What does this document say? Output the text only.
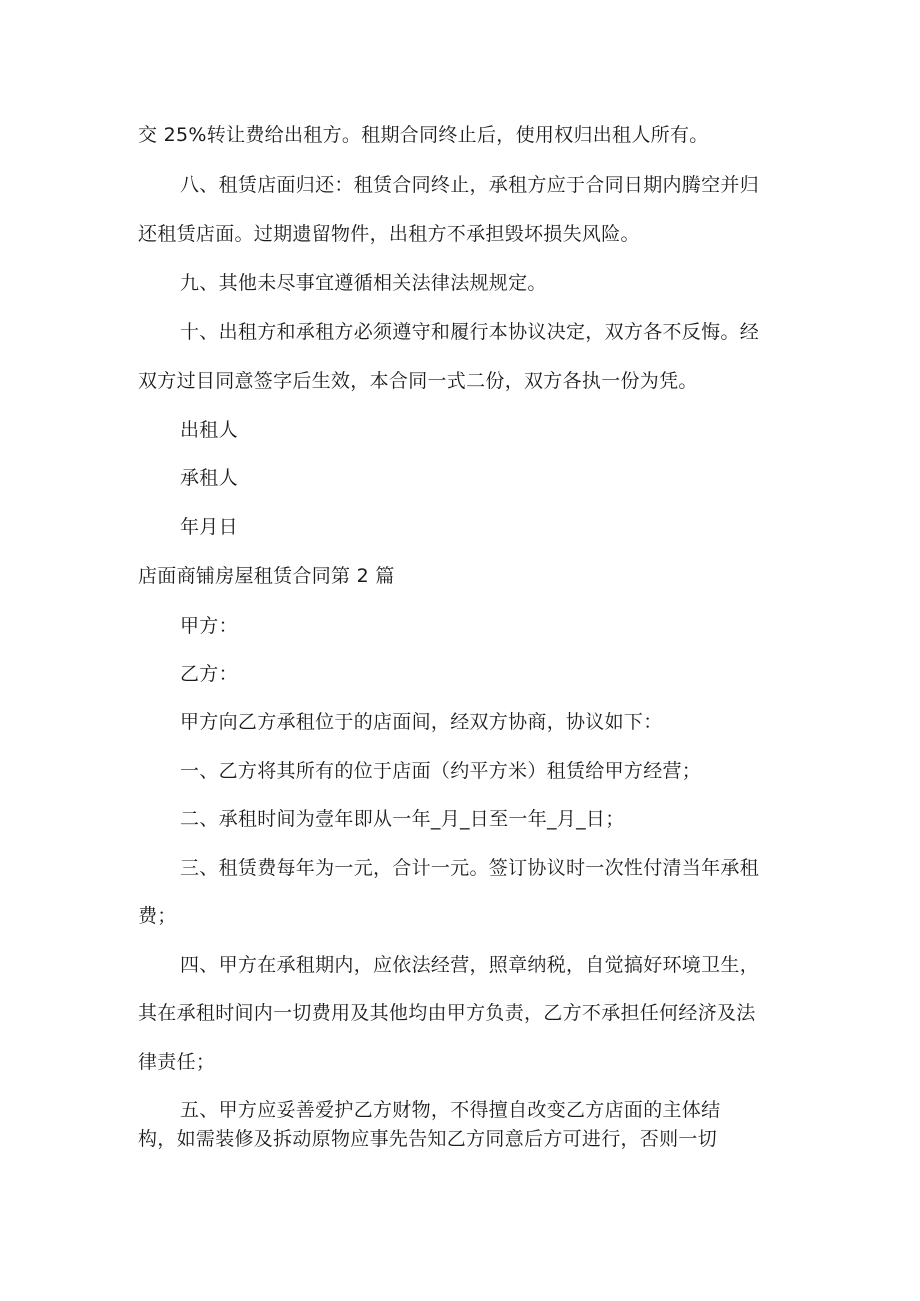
交 25%转让费给出租方。租期合同终止后，使用权归出租人所有。
八、租赁店面归还：租赁合同终止，承租方应于合同日期内腾空并归
还租赁店面。过期遗留物件，出租方不承担毁坏损失风险。
九、其他未尽事宜遵循相关法律法规规定。
十、出租方和承租方必须遵守和履行本协议决定，双方各不反悔。经
双方过目同意签字后生效，本合同一式二份，双方各执一份为凭。
出租人
承租人
年月日
店面商铺房屋租赁合同第 2 篇
甲方：
乙方：
甲方向乙方承租位于的店面间，经双方协商，协议如下：
一、乙方将其所有的位于店面（约平方米）租赁给甲方经营；
二、承租时间为壹年即从一年_月_日至一年_月_日；
三、租赁费每年为一元，合计一元。签订协议时一次性付清当年承租
费；
四、甲方在承租期内，应依法经营，照章纳税，自觉搞好环境卫生，
其在承租时间内一切费用及其他均由甲方负责，乙方不承担任何经济及法
律责任；
五、甲方应妥善爱护乙方财物，不得擅自改变乙方店面的主体结
构，如需装修及拆动原物应事先告知乙方同意后方可进行，否则一切
